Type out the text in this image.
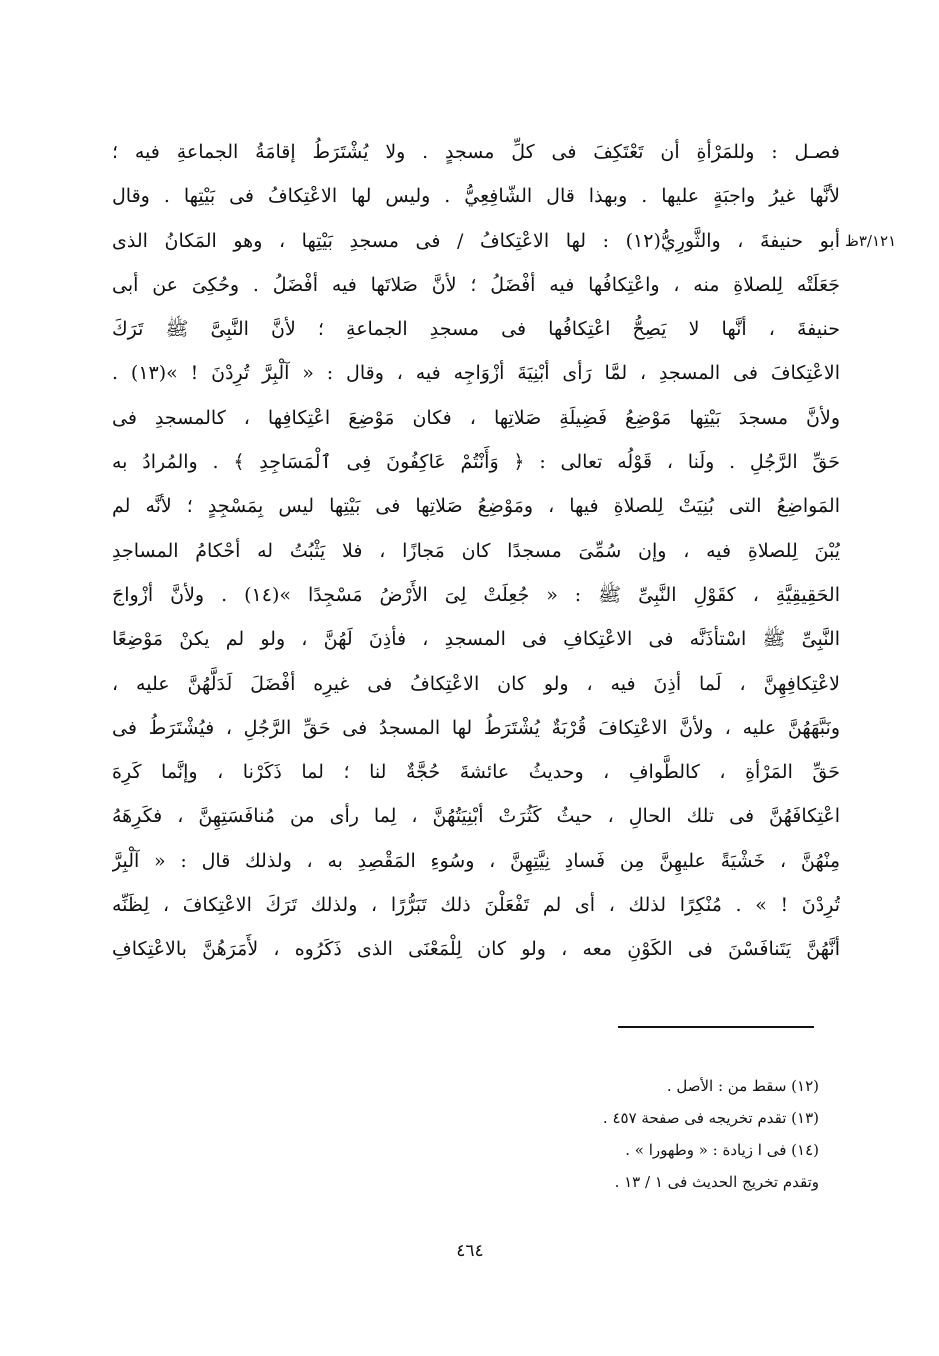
٣/١٢١ظ
فصـل : وللمَرْأةِ أن تَعْتَكِفَ فى كلِّ مسجدٍ . ولا يُشْتَرَطُ إقامَةُ الجماعةِ فيه ؛
لأنَّها غيرُ واجبَةٍ عليها . وبهذا قال الشّافِعِيُّ . وليس لها الاعْتِكافُ فى بَيْتِها . وقال
أبو حنيفةَ ، والثَّورِيُّ(١٢) : لها الاعْتِكافُ / فى مسجدِ بَيْتِها ، وهو المَكانُ الذى
جَعَلَتْه لِلصلاةِ منه ، واعْتِكافُها فيه أفْضَلُ ؛ لأنَّ صَلاتَها فيه أفْضَلُ . وحُكِىَ عن أبى
حنيفةَ ، أنَّها لا يَصِحُّ اعْتِكافُها فى مسجدِ الجماعةِ ؛ لأنَّ النَّبِىَّ ﷺ تَرَكَ
الاعْتِكافَ فى المسجدِ ، لمَّا رَأى أبْنِيَةَ أزْوَاجِه فيه ، وقال : « آلْبِرَّ تُرِدْنَ ! »(١٣) .
ولأنَّ مسجدَ بَيْتِها مَوْضِعُ فَضِيلَةِ صَلاتِها ، فكان مَوْضِعَ اعْتِكافِها ، كالمسجدِ فى
حَقِّ الرَّجُلِ . ولَنا ، قَوْلُه تعالى : ﴿ وَأَنْتُمْ عَاكِفُونَ فِى ٱلْمَسَاجِدِ ﴾ . والمُرادُ به
المَواضِعُ التى بُنِيَتْ لِلصلاةِ فيها ، ومَوْضِعُ صَلاتِها فى بَيْتِها ليس بِمَسْجِدٍ ؛ لأنَّه لم
يُبْنَ لِلصلاةِ فيه ، وإن سُمِّىَ مسجدًا كان مَجازًا ، فلا يَثْبُتُ له أحْكامُ المساجدِ
الحَقِيقِيَّةِ ، كقَوْلِ النَّبِىِّ ﷺ : « جُعِلَتْ لِىَ الأَرْضُ مَسْجِدًا »(١٤) . ولأنَّ أزْواجَ
النَّبِىِّ ﷺ اسْتأذَنَّه فى الاعْتِكافِ فى المسجدِ ، فأذِنَ لَهُنَّ ، ولو لم يكنْ مَوْضِعًا
لاعْتِكافِهِنَّ ، لَما أذِنَ فيه ، ولو كان الاعْتِكافُ فى غيرِه أفْضَلَ لَدَلَّهُنَّ عليه ،
ونَبَّهَهُنَّ عليه ، ولأنَّ الاعْتِكافَ قُرْبَةٌ يُشْتَرَطُ لها المسجدُ فى حَقِّ الرَّجُلِ ، فيُشْتَرَطُ فى
حَقِّ المَرْأةِ ، كالطَّوافِ ، وحديثُ عائشةَ حُجَّةٌ لنا ؛ لما ذَكَرْنا ، وإنَّما كَرِهَ
اعْتِكافَهُنَّ فى تلك الحالِ ، حيثُ كَثُرَتْ أبْنِيَتُهُنَّ ، لِما رأى من مُنافَسَتِهِنَّ ، فكَرِهَهُ
مِنْهُنَّ ، خَشْيَةً عليهِنَّ مِن فَسادِ نِيَّتِهِنَّ ، وسُوءِ المَقْصِدِ به ، ولذلك قال : « آلْبِرَّ
تُرِدْنَ ! » . مُنْكِرًا لذلك ، أى لم تَفْعَلْنَ ذلك تَبَرُّرًا ، ولذلك تَرَكَ الاعْتِكافَ ، لِظَنِّه
أنَّهُنَّ يَتَنافَسْنَ فى الكَوْنِ معه ، ولو كان لِلْمَعْنَى الذى ذَكَرُوه ، لأَمَرَهُنَّ بالاعْتِكافِ
(١٢) سقط من : الأصل .
(١٣) تقدم تخريجه فى صفحة ٤٥٧ .
(١٤) فى ا زيادة : « وطهورا » .
وتقدم تخريج الحديث فى ١ / ١٣ .
٤٦٤
